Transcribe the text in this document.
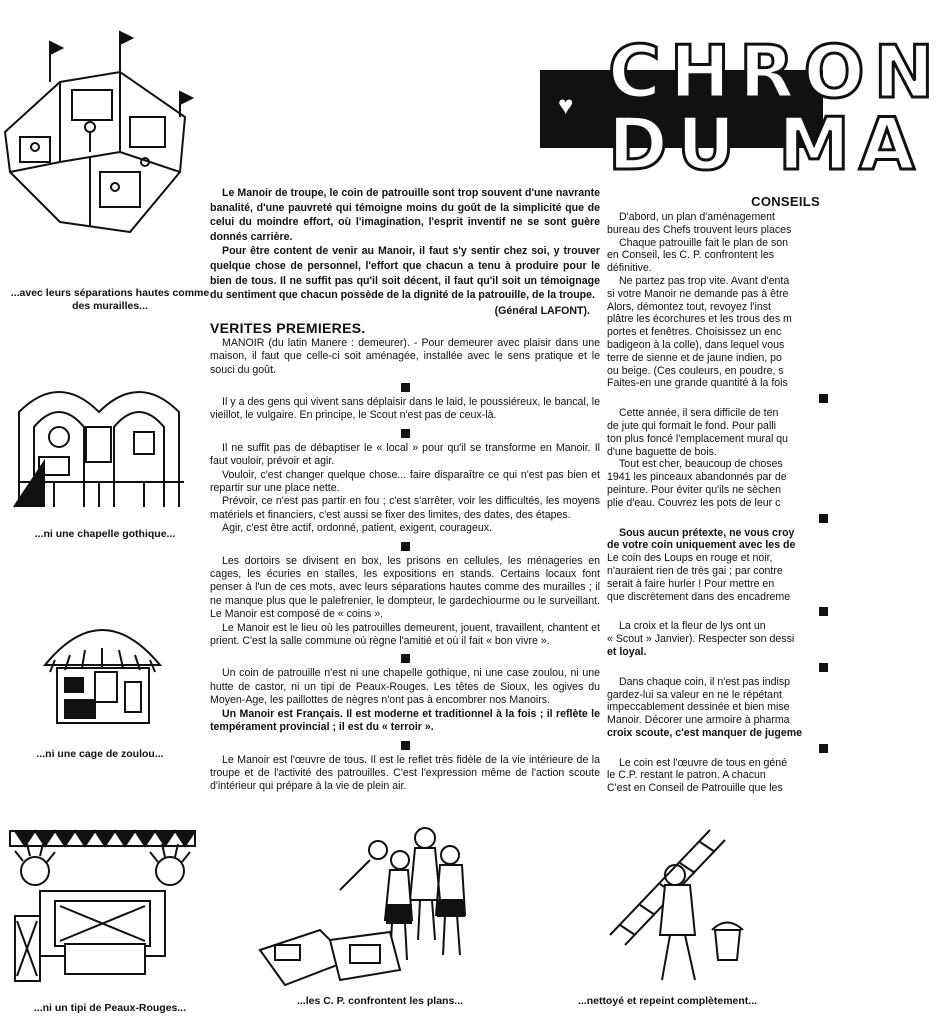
...avec leurs séparations hautes comme des murailles...
...ni une chapelle gothique...
...ni une cage de zoulou...
...ni un tipi de Peaux-Rouges...
♥ CHRON
DU MA

Le Manoir de troupe, le coin de patrouille sont trop souvent d'une navrante banalité, d'une pauvreté qui témoigne moins du goût de la simplicité que de celui du moindre effort, où l'imagination, l'esprit inventif ne se sont guère donnés carrière.

Pour être content de venir au Manoir, il faut s'y sentir chez soi, y trouver quelque chose de personnel, l'effort que chacun a tenu à produire pour le bien de tous. Il ne suffit pas qu'il soit décent, il faut qu'il soit un témoignage du sentiment que chacun possède de la dignité de la patrouille, de la troupe.

(Général LAFONT).
VERITES PREMIERES.

MANOIR (du latin Manere : demeurer). - Pour demeurer avec plaisir dans une maison, il faut que celle-ci soit aménagée, installée avec le sens pratique et le souci du goût.

Il y a des gens qui vivent sans déplaisir dans le laid, le poussiéreux, le bancal, le vieillot, le vulgaire. En principe, le Scout n'est pas de ceux-là.

Il ne suffit pas de débaptiser le « local » pour qu'il se transforme en Manoir. Il faut vouloir, prévoir et agir.

Vouloir, c'est changer quelque chose... faire disparaître ce qui n'est pas bien et repartir sur une place nette.

Prévoir, ce n'est pas partir en fou ; c'est s'arrêter, voir les difficultés, les moyens matériels et financiers, c'est aussi se fixer des limites, des dates, des étapes.

Agir, c'est être actif, ordonné, patient, exigent, courageux.

Les dortoirs se divisent en box, les prisons en cellules, les ménageries en cages, les écuries en stalles, les expositions en stands. Certains locaux font penser à l'un de ces mots, avec leurs séparations hautes comme des murailles ; il ne manque plus que le palefrenier, le dompteur, le gardechiourme ou le surveillant. Le Manoir est composé de « coins ».

Le Manoir est le lieu où les patrouilles demeurent, jouent, travaillent, chantent et prient. C'est la salle commune où règne l'amitié et où il fait « bon vivre ».

Un coin de patrouille n'est ni une chapelle gothique, ni une case zoulou, ni une hutte de castor, ni un tipi de Peaux-Rouges. Les têtes de Sioux, les ogives du Moyen-Age, les paillottes de nègres n'ont pas à encombrer nos Manoirs.

Un Manoir est Français. Il est moderne et traditionnel à la fois ; il reflète le tempérament provincial ; il est du « terroir ».

Le Manoir est l'œuvre de tous. Il est le reflet très fidèle de la vie intérieure de la troupe et de l'activité des patrouilles. C'est l'expression même de l'action scoute d'intérieur qui prépare à la vie de plein air.

...les C. P. confrontent les plans...	...nettoyé et repeint complètement...
CONSEILS

D'abord, un plan d'aménagement

bureau des Chefs trouvent leurs places

Chaque patrouille fait le plan de son

en Conseil, les C. P. confrontent les

définitive.

Ne partez pas trop vite. Avant d'enta

si votre Manoir ne demande pas à être

Alors, démontez tout, revoyez l'inst

plâtre les écorchures et les trous des m

portes et fenêtres. Choisissez un enc

badigeon à la colle), dans lequel vous

terre de sienne et de jaune indien, po

ou beige. (Ces couleurs, en poudre, s

Faites-en une grande quantité à la fois

Cette année, il sera difficile de ten

de jute qui formait le fond. Pour palli

ton plus foncé l'emplacement mural qu

d'une baguette de bois.

Tout est cher, beaucoup de choses

1941 les pinceaux abandonnés par de

peinture. Pour éviter qu'ils ne sèchen

plie d'eau. Couvrez les pots de leur c

Sous aucun prétexte, ne vous croy

de votre coin uniquement avec les de

Le coin des Loups en rouge et noir,

n'auraient rien de très gai ; par contre

serait à faire hurler ! Pour mettre en

que discrètement dans des encadreme

La croix et la fleur de lys ont un

« Scout » Janvier). Respecter son dessi

et loyal.

Dans chaque coin, il n'est pas indisp

gardez-lui sa valeur en ne le répétant

impeccablement dessinée et bien mise

Manoir. Décorer une armoire à pharma

croix scoute, c'est manquer de jugeme

Le coin est l'œuvre de tous en géné

le C.P. restant le patron. A chacun

C'est en Conseil de Patrouille que les
